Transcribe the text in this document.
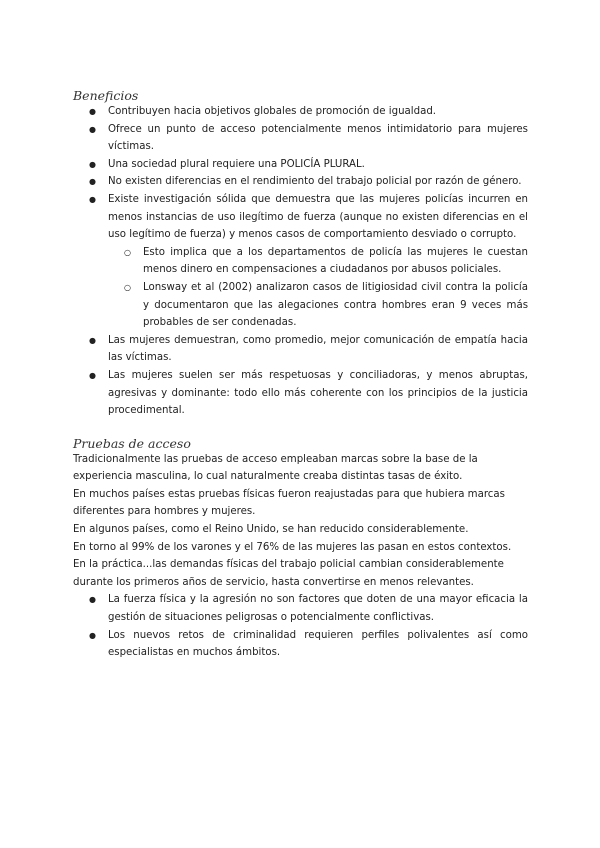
Beneficios
● Contribuyen hacia objetivos globales de promoción de igualdad.
● Ofrece un punto de acceso potencialmente menos intimidatorio para mujeres víctimas.
● Una sociedad plural requiere una POLICÍA PLURAL.
● No existen diferencias en el rendimiento del trabajo policial por razón de género.
● Existe investigación sólida que demuestra que las mujeres policías incurren en menos instancias de uso ilegítimo de fuerza (aunque no existen diferencias en el uso legítimo de fuerza) y menos casos de comportamiento desviado o corrupto.
○ Esto implica que a los departamentos de policía las mujeres le cuestan menos dinero en compensaciones a ciudadanos por abusos policiales.
○ Lonsway et al (2002) analizaron casos de litigiosidad civil contra la policía y documentaron que las alegaciones contra hombres eran 9 veces más probables de ser condenadas.
● Las mujeres demuestran, como promedio, mejor comunicación de empatía hacia las víctimas.
● Las mujeres suelen ser más respetuosas y conciliadoras, y menos abruptas, agresivas y dominante: todo ello más coherente con los principios de la justicia procedimental.
Pruebas de acceso

Tradicionalmente las pruebas de acceso empleaban marcas sobre la base de la experiencia masculina, lo cual naturalmente creaba distintas tasas de éxito.

En muchos países estas pruebas físicas fueron reajustadas para que hubiera marcas diferentes para hombres y mujeres.

En algunos países, como el Reino Unido, se han reducido considerablemente.

En torno al 99% de los varones y el 76% de las mujeres las pasan en estos contextos.

En la práctica...las demandas físicas del trabajo policial cambian considerablemente durante los primeros años de servicio, hasta convertirse en menos relevantes.

● La fuerza física y la agresión no son factores que doten de una mayor eficacia la gestión de situaciones peligrosas o potencialmente conflictivas.
● Los nuevos retos de criminalidad requieren perfiles polivalentes así como especialistas en muchos ámbitos.
